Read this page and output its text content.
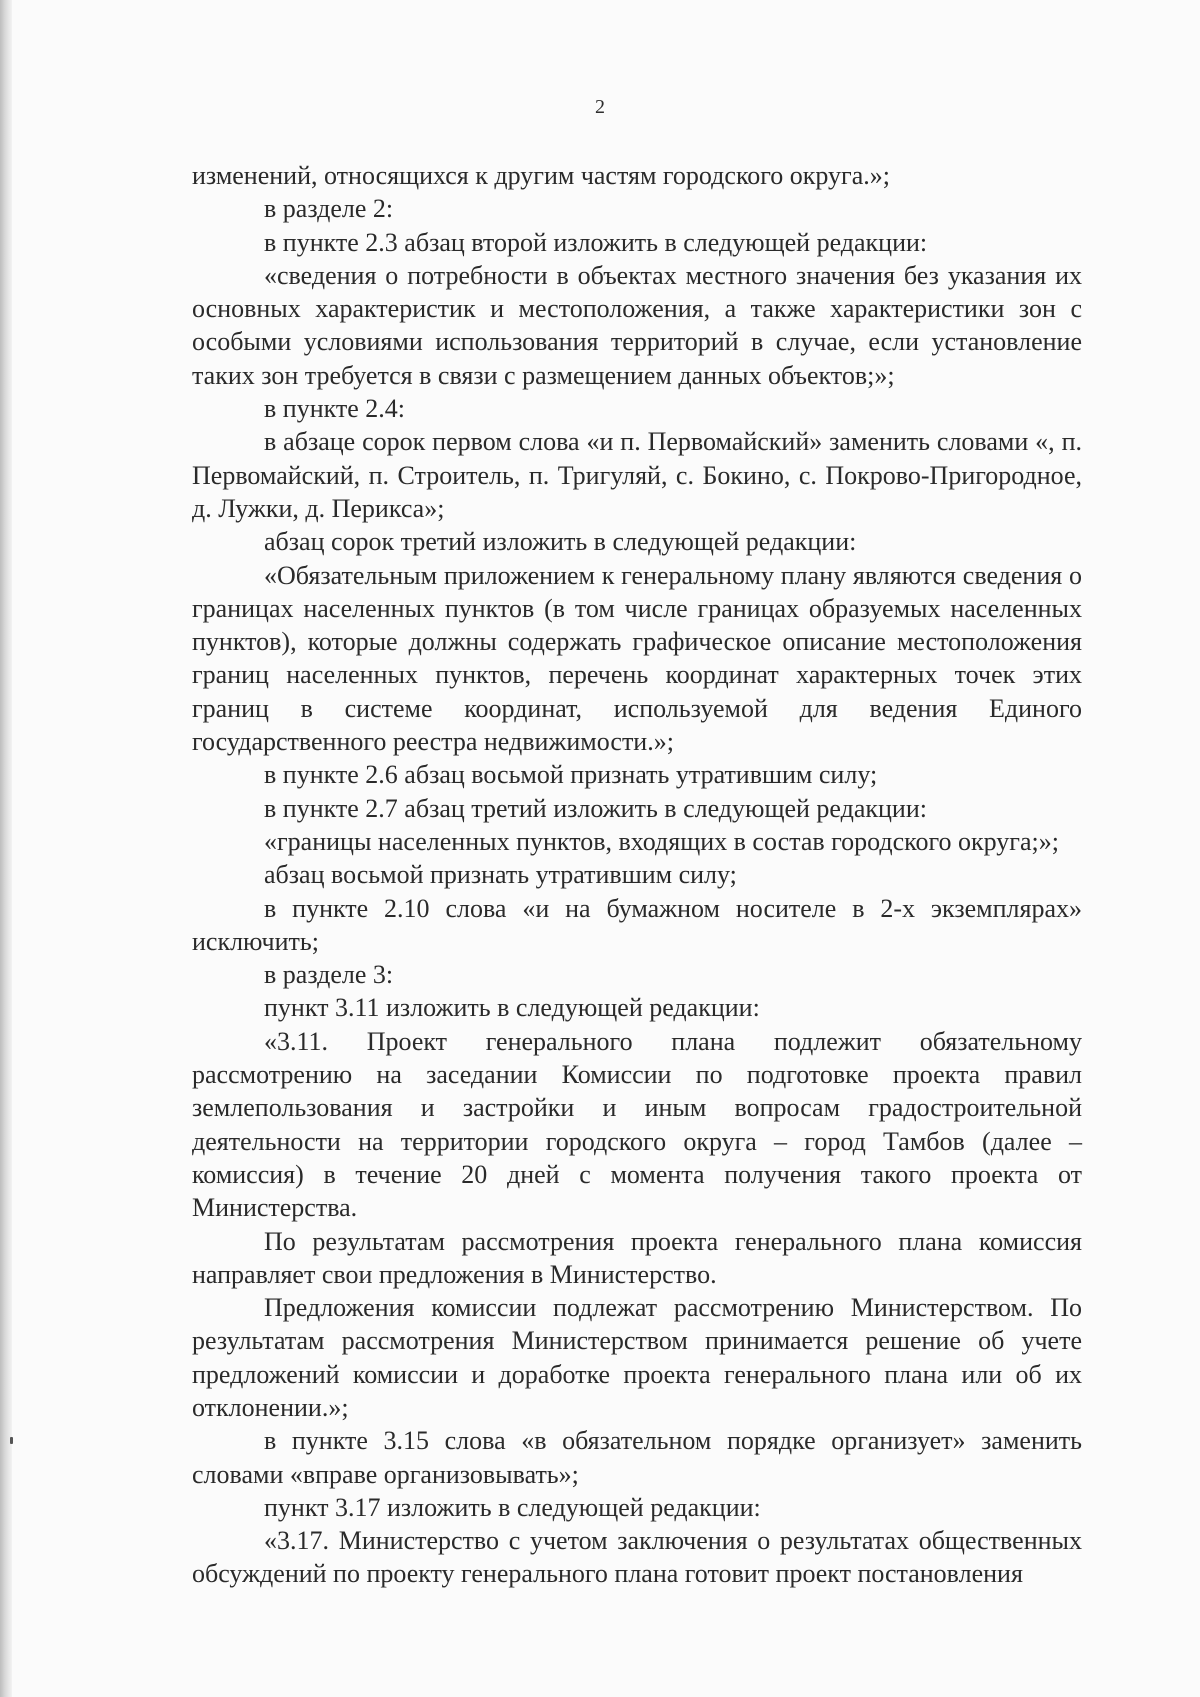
2

изменений, относящихся к другим частям городского округа.»;

в разделе 2:

в пункте 2.3 абзац второй изложить в следующей редакции:

«сведения о потребности в объектах местного значения без указания их основных характеристик и местоположения, а также характеристики зон с особыми условиями использования территорий в случае, если установление таких зон требуется в связи с размещением данных объектов;»;

в пункте 2.4:

в абзаце сорок первом слова «и п. Первомайский» заменить словами «, п. Первомайский, п. Строитель, п. Тригуляй, с. Бокино, с. Покрово-Пригородное, д. Лужки, д. Перикса»;

абзац сорок третий изложить в следующей редакции:

«Обязательным приложением к генеральному плану являются сведения о границах населенных пунктов (в том числе границах образуемых населенных пунктов), которые должны содержать графическое описание местоположения границ населенных пунктов, перечень координат характерных точек этих границ в системе координат, используемой для ведения Единого государственного реестра недвижимости.»;

в пункте 2.6 абзац восьмой признать утратившим силу;

в пункте 2.7 абзац третий изложить в следующей редакции:

«границы населенных пунктов, входящих в состав городского округа;»;

абзац восьмой признать утратившим силу;

в пункте 2.10 слова «и на бумажном носителе в 2-х экземплярах» исключить;

в разделе 3:

пункт 3.11 изложить в следующей редакции:

«3.11. Проект генерального плана подлежит обязательному рассмотрению на заседании Комиссии по подготовке проекта правил землепользования и застройки и иным вопросам градостроительной деятельности на территории городского округа – город Тамбов (далее – комиссия) в течение 20 дней с момента получения такого проекта от Министерства.

По результатам рассмотрения проекта генерального плана комиссия направляет свои предложения в Министерство.

Предложения комиссии подлежат рассмотрению Министерством. По результатам рассмотрения Министерством принимается решение об учете предложений комиссии и доработке проекта генерального плана или об их отклонении.»;

в пункте 3.15 слова «в обязательном порядке организует» заменить словами «вправе организовывать»;

пункт 3.17 изложить в следующей редакции:

«3.17. Министерство с учетом заключения о результатах общественных обсуждений по проекту генерального плана готовит проект постановления
